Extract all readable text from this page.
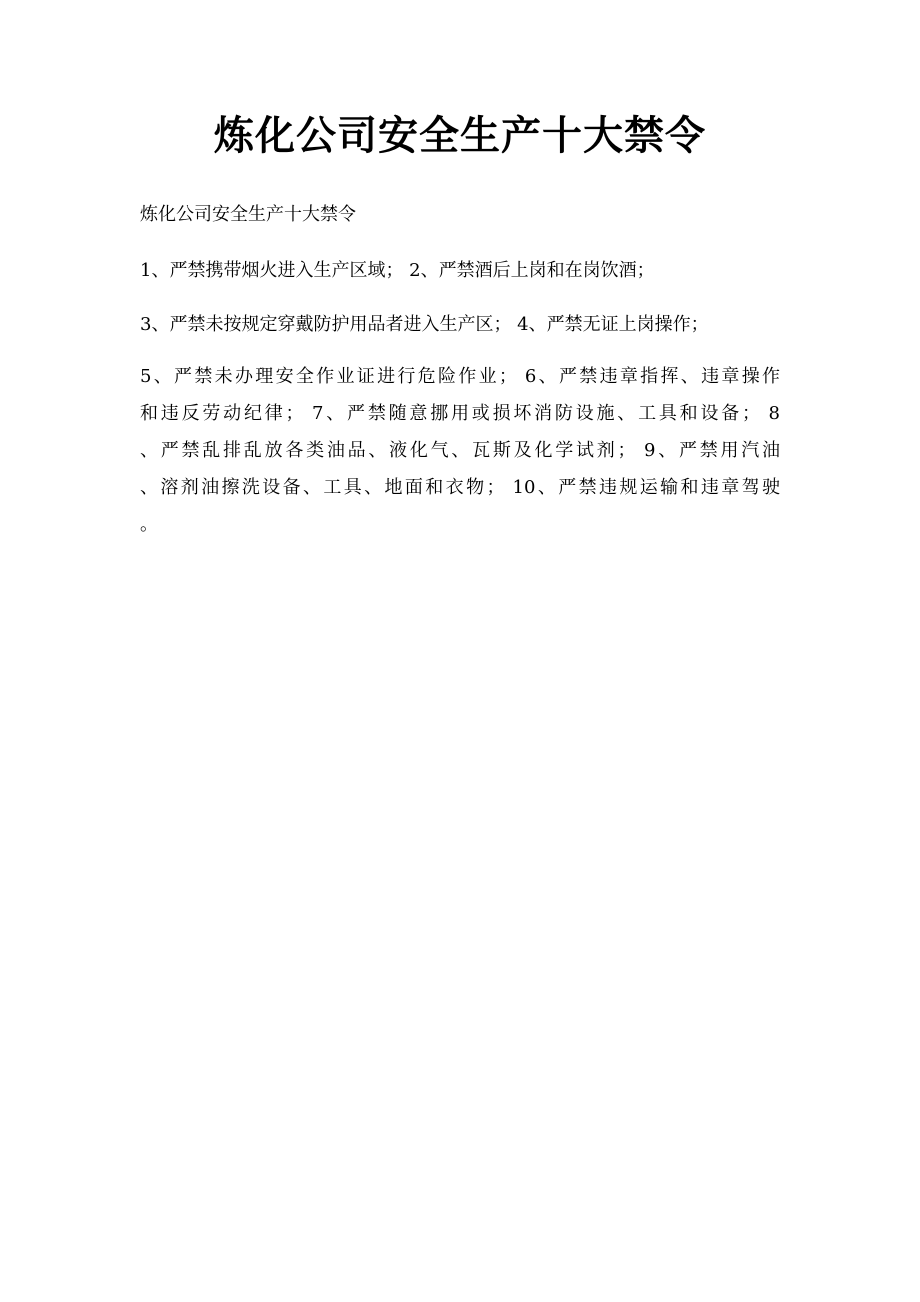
炼化公司安全生产十大禁令

炼化公司安全生产十大禁令

1、严禁携带烟火进入生产区域； 2、严禁酒后上岗和在岗饮酒；

3、严禁未按规定穿戴防护用品者进入生产区； 4、严禁无证上岗操作；

5、严禁未办理安全作业证进行危险作业； 6、严禁违章指挥、违章操作
和违反劳动纪律； 7、严禁随意挪用或损坏消防设施、工具和设备； 8
、严禁乱排乱放各类油品、液化气、瓦斯及化学试剂； 9、严禁用汽油
、溶剂油擦洗设备、工具、地面和衣物； 10、严禁违规运输和违章驾驶
。
